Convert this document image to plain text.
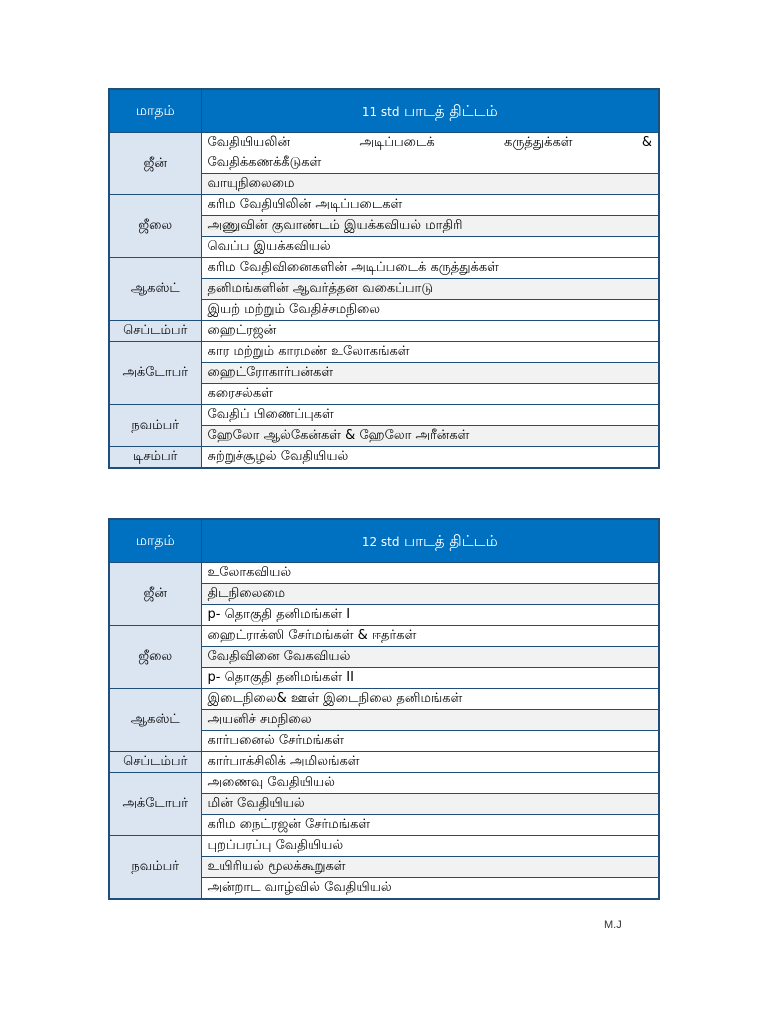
மாதம்	11 std பாடத் திட்டம்
ஜீன்	வேதியியலின் அடிப்படைக் கருத்துக்கள் &
வேதிக்கணக்கீடுகள்

	வாயுநிலைமை
ஜீலை	கரிம வேதியிலின் அடிப்படைகள்
	அணுவின் குவாண்டம் இயக்கவியல் மாதிரி
	வெப்ப இயக்கவியல்
ஆகஸ்ட்	கரிம வேதிவினைகளின் அடிப்படைக் கருத்துக்கள்
	தனிமங்களின் ஆவர்த்தன வகைப்பாடு
	இயற் மற்றும் வேதிச்சமநிலை
செப்டம்பர்	ஹைட்ரஜன்
அக்டோபர்	கார மற்றும் காரமண் உலோகங்கள்
	ஹைட்ரோகார்பன்கள்
	கரைசல்கள்
நவம்பர்	வேதிப் பிணைப்புகள்
	ஹேலோ ஆல்கேன்கள் & ஹேலோ அரீன்கள்
டிசம்பர்	சுற்றுச்சூழல் வேதியியல்
மாதம்	12 std பாடத் திட்டம்
ஜீன்	உலோகவியல்
	திடநிலைமை
	p- தொகுதி தனிமங்கள் I
ஜீலை	ஹைட்ராக்ஸி சேர்மங்கள் & ஈதர்கள்
	வேதிவினை வேகவியல்
	p- தொகுதி தனிமங்கள் II
ஆகஸ்ட்	இடைநிலை& ஊள் இடைநிலை தனிமங்கள்
	அயனிச் சமநிலை
	கார்பனைல் சேர்மங்கள்
செப்டம்பர்	கார்பாக்சிலிக் அமிலங்கள்
அக்டோபர்	அணைவு வேதியியல்
	மின் வேதியியல்
	கரிம நைட்ரஜன் சேர்மங்கள்
நவம்பர்	புறப்பரப்பு வேதியியல்
	உயிரியல் மூலக்கூறுகள்
	அன்றாட வாழ்வில் வேதியியல்
M.J
